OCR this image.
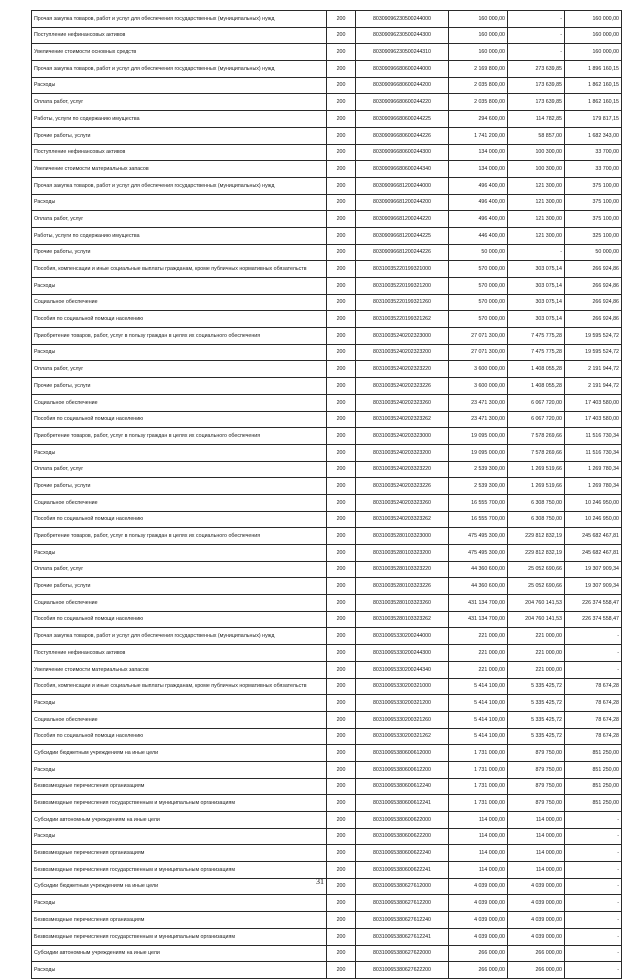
Прочая закупка товаров, работ и услуг для обеспечения государственных (муниципальных) нужд	200	80309096230500244000	160 000,00	-	160 000,00
Поступление нефинансовых активов	200	80309096230500244300	160 000,00	-	160 000,00
Увеличение стоимости основных средств	200	80309096230500244310	160 000,00	-	160 000,00
Прочая закупка товаров, работ и услуг для обеспечения государственных (муниципальных) нужд	200	80309096680600244000	2 169 800,00	273 639,85	1 896 160,15
Расходы	200	80309096680600244200	2 035 800,00	173 639,85	1 862 160,15
Оплата работ, услуг	200	80309096680600244220	2 035 800,00	173 639,85	1 862 160,15
Работы, услуги по содержанию имущества	200	80309096680600244225	294 600,00	114 782,85	179 817,15
Прочие работы, услуги	200	80309096680600244226	1 741 200,00	58 857,00	1 682 343,00
Поступление нефинансовых активов	200	80309096680600244300	134 000,00	100 300,00	33 700,00
Увеличение стоимости материальных запасов	200	80309096680600244340	134 000,00	100 300,00	33 700,00
Прочая закупка товаров, работ и услуг для обеспечения государственных (муниципальных) нужд	200	80309096681200244000	496 400,00	121 300,00	375 100,00
Расходы	200	80309096681200244200	496 400,00	121 300,00	375 100,00
Оплата работ, услуг	200	80309096681200244220	496 400,00	121 300,00	375 100,00
Работы, услуги по содержанию имущества	200	80309096681200244225	446 400,00	121 300,00	325 100,00
Прочие работы, услуги	200	80309096681200244226	50 000,00	-	50 000,00
Пособия, компенсации и иные социальные выплаты гражданам, кроме публичных нормативных обязательств	200	80310035220199321000	570 000,00	303 075,14	266 924,86
Расходы	200	80310035220199321200	570 000,00	303 075,14	266 924,86
Социальное обеспечение	200	80310035220199321260	570 000,00	303 075,14	266 924,86
Пособия по социальной помощи населению	200	80310035220199321262	570 000,00	303 075,14	266 924,86
Приобретение товаров, работ, услуг в пользу граждан в целях их социального обеспечения	200	80310035240202323000	27 071 300,00	7 475 775,28	19 595 524,72
Расходы	200	80310035240202323200	27 071 300,00	7 475 775,28	19 595 524,72
Оплата работ, услуг	200	80310035240202323220	3 600 000,00	1 408 055,28	2 191 944,72
Прочие работы, услуги	200	80310035240202323226	3 600 000,00	1 408 055,28	2 191 944,72
Социальное обеспечение	200	80310035240202323260	23 471 300,00	6 067 720,00	17 403 580,00
Пособия по социальной помощи населению	200	80310035240202323262	23 471 300,00	6 067 720,00	17 403 580,00
Приобретение товаров, работ, услуг в пользу граждан в целях их социального обеспечения	200	80310035240203323000	19 095 000,00	7 578 269,66	11 516 730,34
Расходы	200	80310035240203323200	19 095 000,00	7 578 269,66	11 516 730,34
Оплата работ, услуг	200	80310035240203323220	2 539 300,00	1 269 519,66	1 269 780,34
Прочие работы, услуги	200	80310035240203323226	2 539 300,00	1 269 519,66	1 269 780,34
Социальное обеспечение	200	80310035240203323260	16 555 700,00	6 308 750,00	10 246 950,00
Пособия по социальной помощи населению	200	80310035240203323262	16 555 700,00	6 308 750,00	10 246 950,00
Приобретение товаров, работ, услуг в пользу граждан в целях их социального обеспечения	200	80310035280103323000	475 495 300,00	229 812 832,19	245 682 467,81
Расходы	200	80310035280103323200	475 495 300,00	229 812 832,19	245 682 467,81
Оплата работ, услуг	200	80310035280103323220	44 360 600,00	25 052 690,66	19 307 909,34
Прочие работы, услуги	200	80310035280103323226	44 360 600,00	25 052 690,66	19 307 909,34
Социальное обеспечение	200	80310035280103323260	431 134 700,00	204 760 141,53	226 374 558,47
Пособия по социальной помощи населению	200	80310035280103323262	431 134 700,00	204 760 141,53	226 374 558,47
Прочая закупка товаров, работ и услуг для обеспечения государственных (муниципальных) нужд	200	80310065330200244000	221 000,00	221 000,00	-
Поступление нефинансовых активов	200	80310065330200244300	221 000,00	221 000,00	-
Увеличение стоимости материальных запасов	200	80310065330200244340	221 000,00	221 000,00	-
Пособия, компенсации и иные социальные выплаты гражданам, кроме публичных нормативных обязательств	200	80310065330200321000	5 414 100,00	5 335 425,72	78 674,28
Расходы	200	80310065330200321200	5 414 100,00	5 335 425,72	78 674,28
Социальное обеспечение	200	80310065330200321260	5 414 100,00	5 335 425,72	78 674,28
Пособия по социальной помощи населению	200	80310065330200321262	5 414 100,00	5 335 425,72	78 674,28
Субсидии бюджетным учреждениям на иные цели	200	80310065380600612000	1 731 000,00	879 750,00	851 250,00
Расходы	200	80310065380600612200	1 731 000,00	879 750,00	851 250,00
Безвозмездные перечисления организациям	200	80310065380600612240	1 731 000,00	879 750,00	851 250,00
Безвозмездные перечисления государственным и муниципальным организациям	200	80310065380600612241	1 731 000,00	879 750,00	851 250,00
Субсидии автономным учреждениям на иные цели	200	80310065380600622000	114 000,00	114 000,00	-
Расходы	200	80310065380600622200	114 000,00	114 000,00	-
Безвозмездные перечисления организациям	200	80310065380600622240	114 000,00	114 000,00	-
Безвозмездные перечисления государственным и муниципальным организациям	200	80310065380600622241	114 000,00	114 000,00	-
Субсидии бюджетным учреждениям на иные цели	200	80310065380627612000	4 039 000,00	4 039 000,00	-
Расходы	200	80310065380627612200	4 039 000,00	4 039 000,00	-
Безвозмездные перечисления организациям	200	80310065380627612240	4 039 000,00	4 039 000,00	-
Безвозмездные перечисления государственным и муниципальным организациям	200	80310065380627612241	4 039 000,00	4 039 000,00	-
Субсидии автономным учреждениям на иные цели	200	80310065380627622000	266 000,00	266 000,00	-
Расходы	200	80310065380627622200	266 000,00	266 000,00	-
31
